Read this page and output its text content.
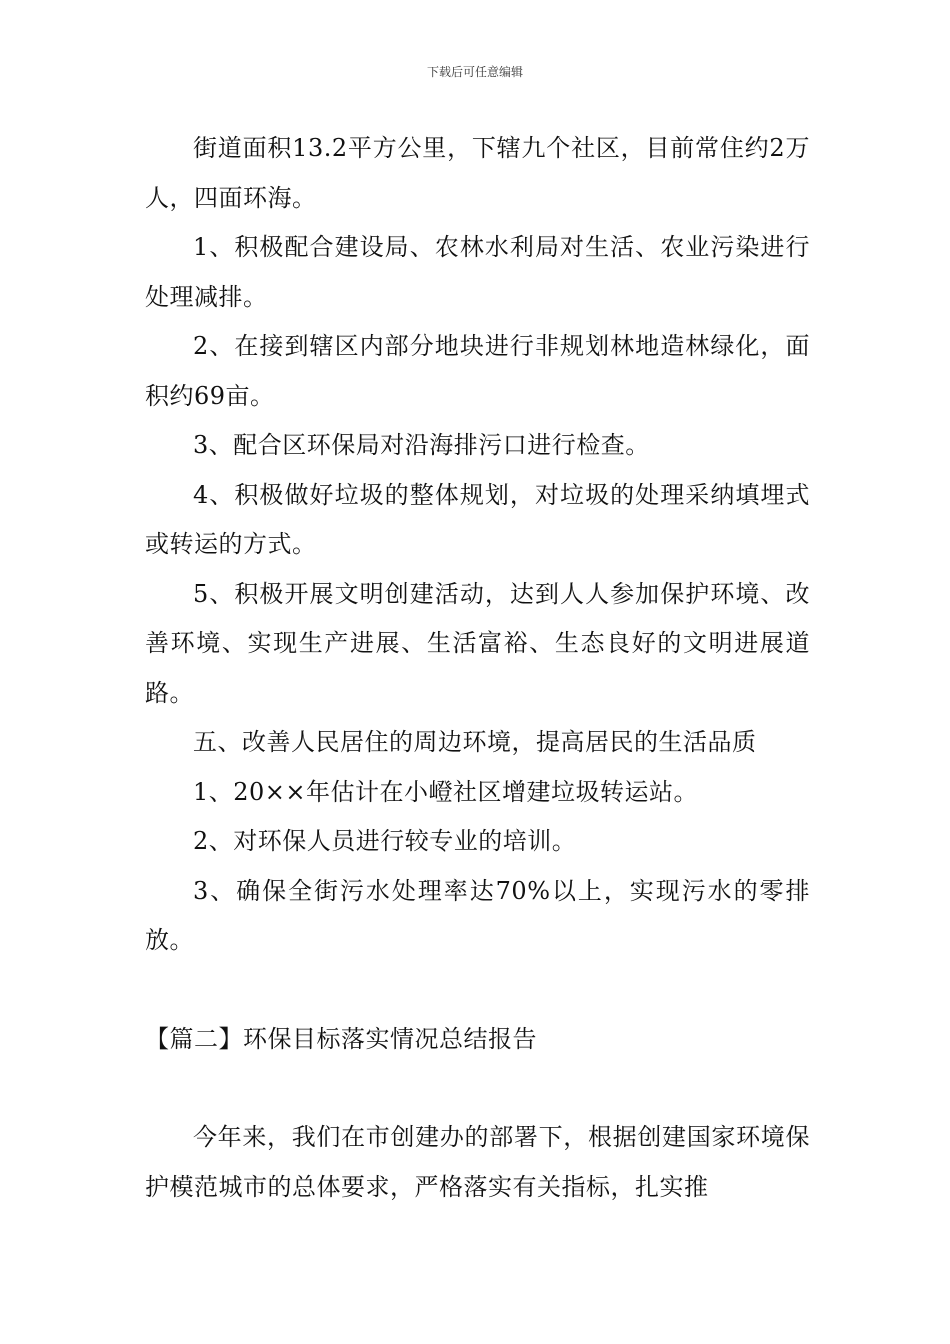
下载后可任意编辑

街道面积13.2平方公里，下辖九个社区，目前常住约2万人，四面环海。

1、积极配合建设局、农林水利局对生活、农业污染进行处理减排。

2、在接到辖区内部分地块进行非规划林地造林绿化，面积约69亩。

3、配合区环保局对沿海排污口进行检查。

4、积极做好垃圾的整体规划，对垃圾的处理采纳填埋式或转运的方式。

5、积极开展文明创建活动，达到人人参加保护环境、改善环境、实现生产进展、生活富裕、生态良好的文明进展道路。

五、改善人民居住的周边环境，提高居民的生活品质

1、20××年估计在小嶝社区增建垃圾转运站。

2、对环保人员进行较专业的培训。

3、确保全街污水处理率达70%以上，实现污水的零排放。

【篇二】环保目标落实情况总结报告

今年来，我们在市创建办的部署下，根据创建国家环境保护模范城市的总体要求，严格落实有关指标，扎实推
